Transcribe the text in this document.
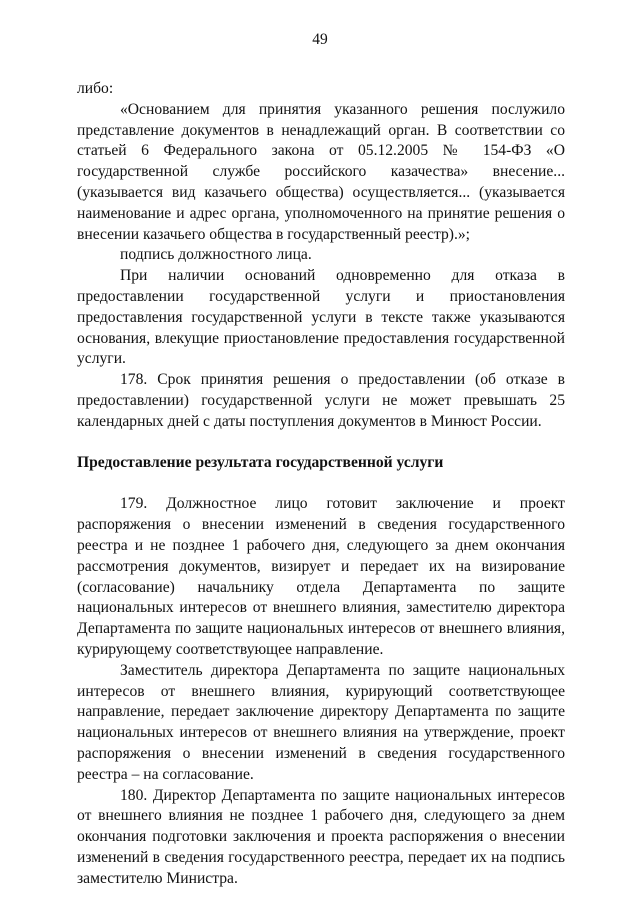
49

либо:

«Основанием для принятия указанного решения послужило представление документов в ненадлежащий орган. В соответствии со статьей 6 Федерального закона от 05.12.2005 № 154-ФЗ «О государственной службе российского казачества» внесение... (указывается вид казачьего общества) осуществляется... (указывается наименование и адрес органа, уполномоченного на принятие решения о внесении казачьего общества в государственный реестр).»;

подпись должностного лица.

При наличии оснований одновременно для отказа в предоставлении государственной услуги и приостановления предоставления государственной услуги в тексте также указываются основания, влекущие приостановление предоставления государственной услуги.

178. Срок принятия решения о предоставлении (об отказе в предоставлении) государственной услуги не может превышать 25 календарных дней с даты поступления документов в Минюст России.

Предоставление результата государственной услуги

179. Должностное лицо готовит заключение и проект распоряжения о внесении изменений в сведения государственного реестра и не позднее 1 рабочего дня, следующего за днем окончания рассмотрения документов, визирует и передает их на визирование (согласование) начальнику отдела Департамента по защите национальных интересов от внешнего влияния, заместителю директора Департамента по защите национальных интересов от внешнего влияния, курирующему соответствующее направление.

Заместитель директора Департамента по защите национальных интересов от внешнего влияния, курирующий соответствующее направление, передает заключение директору Департамента по защите национальных интересов от внешнего влияния на утверждение, проект распоряжения о внесении изменений в сведения государственного реестра – на согласование.

180. Директор Департамента по защите национальных интересов от внешнего влияния не позднее 1 рабочего дня, следующего за днем окончания подготовки заключения и проекта распоряжения о внесении изменений в сведения государственного реестра, передает их на подпись заместителю Министра.
